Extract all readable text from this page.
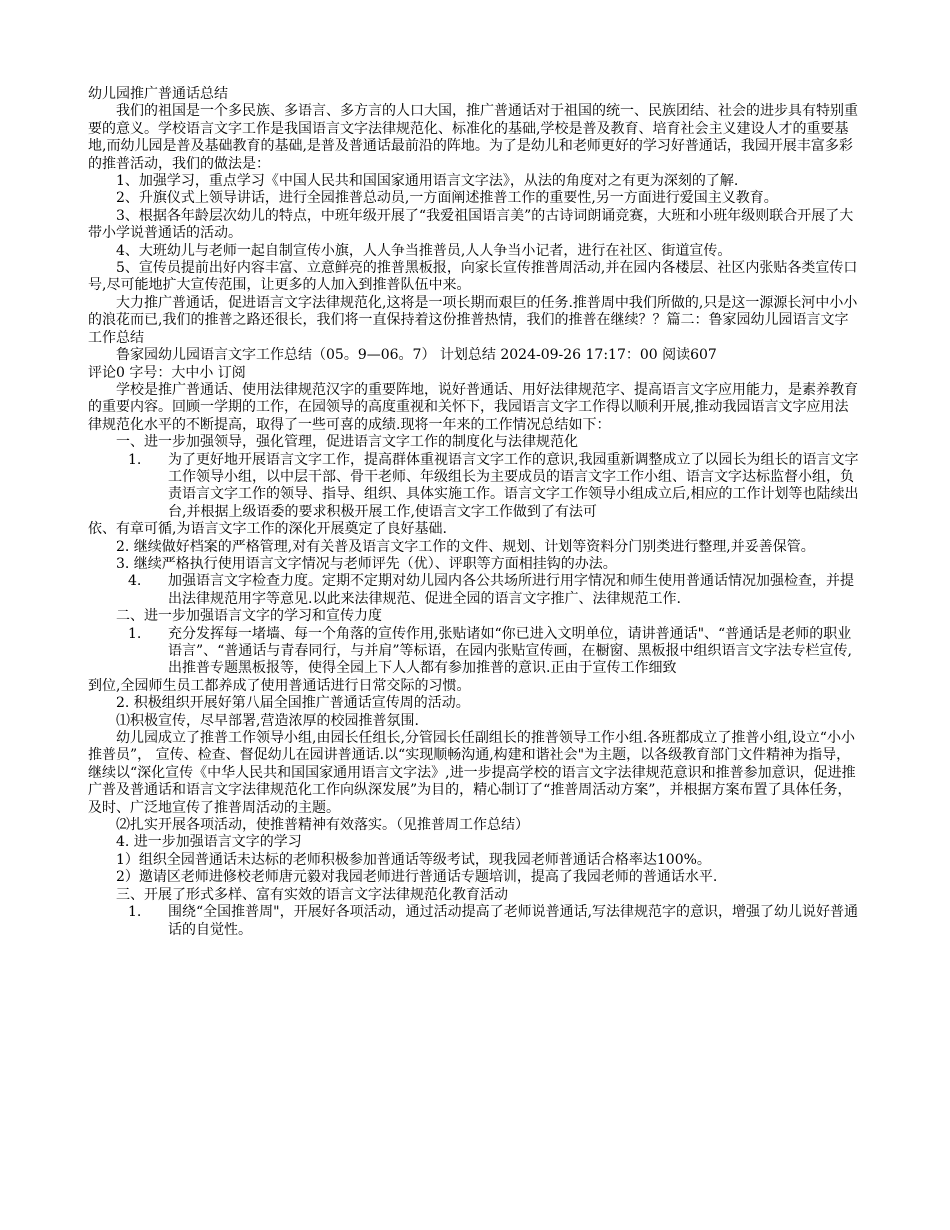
幼儿园推广普通话总结

我们的祖国是一个多民族、多语言、多方言的人口大国，推广普通话对于祖国的统一、民族团结、社会的进步具有特别重要的意义。学校语言文字工作是我国语言文字法律规范化、标准化的基础,学校是普及教育、培育社会主义建设人才的重要基地,而幼儿园是普及基础教育的基础,是普及普通话最前沿的阵地。为了是幼儿和老师更好的学习好普通话，我园开展丰富多彩的推普活动，我们的做法是：

1、加强学习，重点学习《中国人民共和国国家通用语言文字法》，从法的角度对之有更为深刻的了解.

2、升旗仪式上领导讲话，进行全园推普总动员,一方面阐述推普工作的重要性,另一方面进行爱国主义教育。

3、根据各年龄层次幼儿的特点，中班年级开展了“我爱祖国语言美”的古诗词朗诵竞赛，大班和小班年级则联合开展了大带小学说普通话的活动。

4、大班幼儿与老师一起自制宣传小旗，人人争当推普员,人人争当小记者，进行在社区、街道宣传。

5、宣传员提前出好内容丰富、立意鲜亮的推普黑板报，向家长宣传推普周活动,并在园内各楼层、社区内张贴各类宣传口号,尽可能地扩大宣传范围，让更多的人加入到推普队伍中来。

大力推广普通话，促进语言文字法律规范化,这将是一项长期而艰巨的任务.推普周中我们所做的,只是这一源源长河中小小的浪花而已,我们的推普之路还很长，我们将一直保持着这份推普热情，我们的推普在继续？？篇二：鲁家园幼儿园语言文字工作总结

鲁家园幼儿园语言文字工作总结（05。9—06。7） 计划总结 2024-09-26 17:17：00 阅读607

评论0 字号：大中小 订阅

学校是推广普通话、使用法律规范汉字的重要阵地，说好普通话、用好法律规范字、提高语言文字应用能力，是素养教育的重要内容。回顾一学期的工作，在园领导的高度重视和关怀下，我园语言文字工作得以顺利开展,推动我园语言文字应用法律规范化水平的不断提高，取得了一些可喜的成绩.现将一年来的工作情况总结如下：

一、进一步加强领导，强化管理，促进语言文字工作的制度化与法律规范化

1.	为了更好地开展语言文字工作，提高群体重视语言文字工作的意识,我园重新调整成立了以园长为组长的语言文字工作领导小组，以中层干部、骨干老师、年级组长为主要成员的语言文字工作小组、语言文字达标监督小组，负责语言文字工作的领导、指导、组织、具体实施工作。语言文字工作领导小组成立后,相应的工作计划等也陆续出台,并根据上级语委的要求积极开展工作,使语言文字工作做到了有法可

依、有章可循,为语言文字工作的深化开展奠定了良好基础.

2. 继续做好档案的严格管理,对有关普及语言文字工作的文件、规划、计划等资料分门别类进行整理,并妥善保管。

3. 继续严格执行使用语言文字情况与老师评先（优）、评职等方面相挂钩的办法。

4.	加强语言文字检查力度。定期不定期对幼儿园内各公共场所进行用字情况和师生使用普通话情况加强检查，并提出法律规范用字等意见.以此来法律规范、促进全园的语言文字推广、法律规范工作.

二、进一步加强语言文字的学习和宣传力度

1.	充分发挥每一堵墙、每一个角落的宣传作用,张贴诸如“你已进入文明单位，请讲普通话"、“普通话是老师的职业语言”、“普通话与青春同行，与并肩”等标语，在园内张贴宣传画，在橱窗、黑板报中组织语言文字法专栏宣传,出推普专题黑板报等，使得全园上下人人都有参加推普的意识.正由于宣传工作细致

到位,全园师生员工都养成了使用普通话进行日常交际的习惯。

2. 积极组织开展好第八届全国推广普通话宣传周的活动。

⑴积极宣传，尽早部署,营造浓厚的校园推普氛围.

幼儿园成立了推普工作领导小组,由园长任组长,分管园长任副组长的推普领导工作小组.各班都成立了推普小组,设立“小小推普员”， 宣传、检查、督促幼儿在园讲普通话.以“实现顺畅沟通,构建和谐社会"为主题，以各级教育部门文件精神为指导，继续以“深化宣传《中华人民共和国国家通用语言文字法》,进一步提高学校的语言文字法律规范意识和推普参加意识，促进推广普及普通话和语言文字法律规范化工作向纵深发展”为目的，精心制订了“推普周活动方案”，并根据方案布置了具体任务，及时、广泛地宣传了推普周活动的主题。

⑵扎实开展各项活动，使推普精神有效落实。（见推普周工作总结）

4. 进一步加强语言文字的学习

1）组织全园普通话未达标的老师积极参加普通话等级考试，现我园老师普通话合格率达100%。

2）邀请区老师进修校老师唐元毅对我园老师进行普通话专题培训，提高了我园老师的普通话水平.

三、开展了形式多样、富有实效的语言文字法律规范化教育活动

1.	围绕“全国推普周"，开展好各项活动，通过活动提高了老师说普通话,写法律规范字的意识，增强了幼儿说好普通话的自觉性。
